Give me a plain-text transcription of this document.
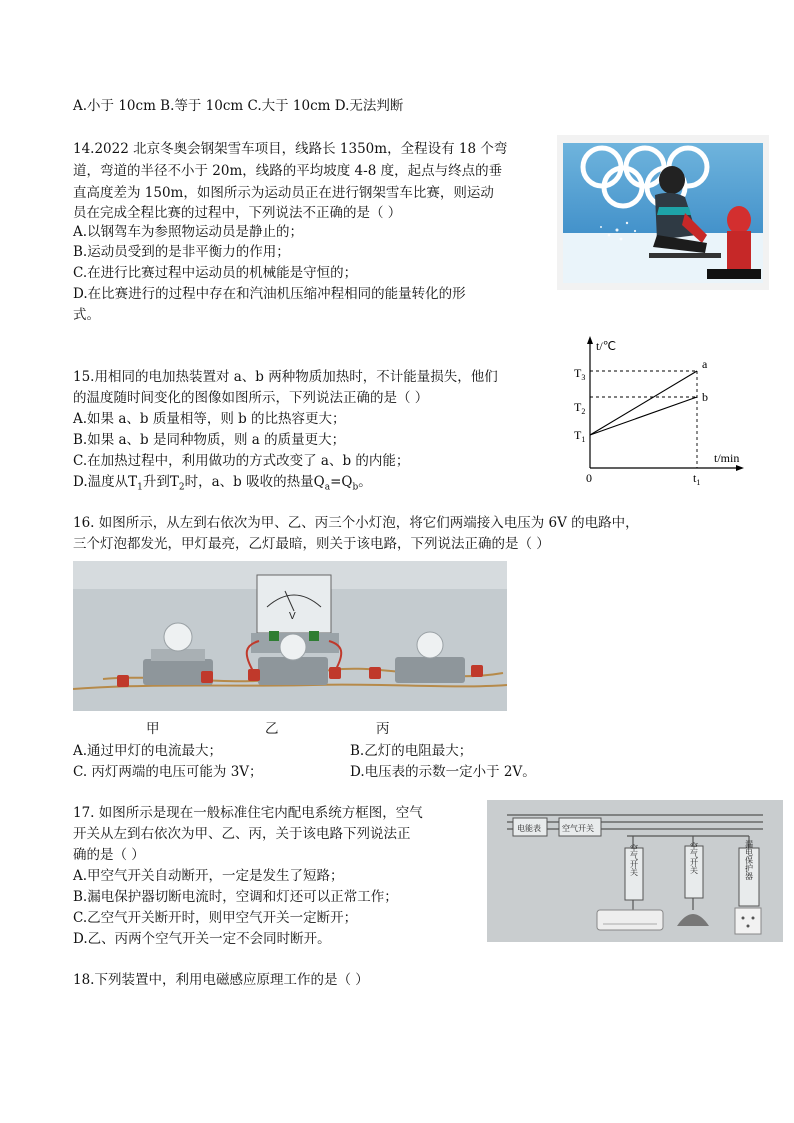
A.小于 10cm B.等于 10cm C.大于 10cm D.无法判断
14.2022 北京冬奥会钢架雪车项目，线路长 1350m，全程设有 18 个弯
道，弯道的半径不小于 20m，线路的平均坡度 4-8 度，起点与终点的垂
直高度差为 150m，如图所示为运动员正在进行钢架雪车比赛，则运动
员在完成全程比赛的过程中，下列说法不正确的是（ ）
A.以钢驾车为参照物运动员是静止的；
B.运动员受到的是非平衡力的作用；
C.在进行比赛过程中运动员的机械能是守恒的；
D.在比赛进行的过程中存在和汽油机压缩冲程相同的能量转化的形
式。
15.用相同的电加热装置对 a、b 两种物质加热时，不计能量损失，他们
的温度随时间变化的图像如图所示，下列说法正确的是（ ）
A.如果 a、b 质量相等，则 b 的比热容更大；
B.如果 a、b 是同种物质，则 a 的质量更大；
C.在加热过程中，利用做功的方式改变了 a、b 的内能；
D.温度从$T_1$升到$T_2$时，a、b 吸收的热量$Q_a=Q_b$。
t/℃
t/min
0	$t_1$
$T_1$
$T_2$
$T_3$
a
b
16. 如图所示，从左到右依次为甲、乙、丙三个小灯泡，将它们两端接入电压为 6V 的电路中，
三个灯泡都发光，甲灯最亮，乙灯最暗，则关于该电路，下列说法正确的是（ ）
V
甲	乙	丙
A.通过甲灯的电流最大；	B.乙灯的电阻最大；
C. 丙灯两端的电压可能为 3V；	D.电压表的示数一定小于 2V。
17. 如图所示是现在一般标准住宅内配电系统方框图，空气
开关从左到右依次为甲、乙、丙，关于该电路下列说法正
确的是（ ）
A.甲空气开关自动断开，一定是发生了短路；
B.漏电保护器切断电流时，空调和灯还可以正常工作；
C.乙空气开关断开时，则甲空气开关一定断开；
D.乙、丙两个空气开关一定不会同时断开。
电能表	空气开关
空气开关	空气开关	漏电保护器
18.下列装置中，利用电磁感应原理工作的是（ ）
